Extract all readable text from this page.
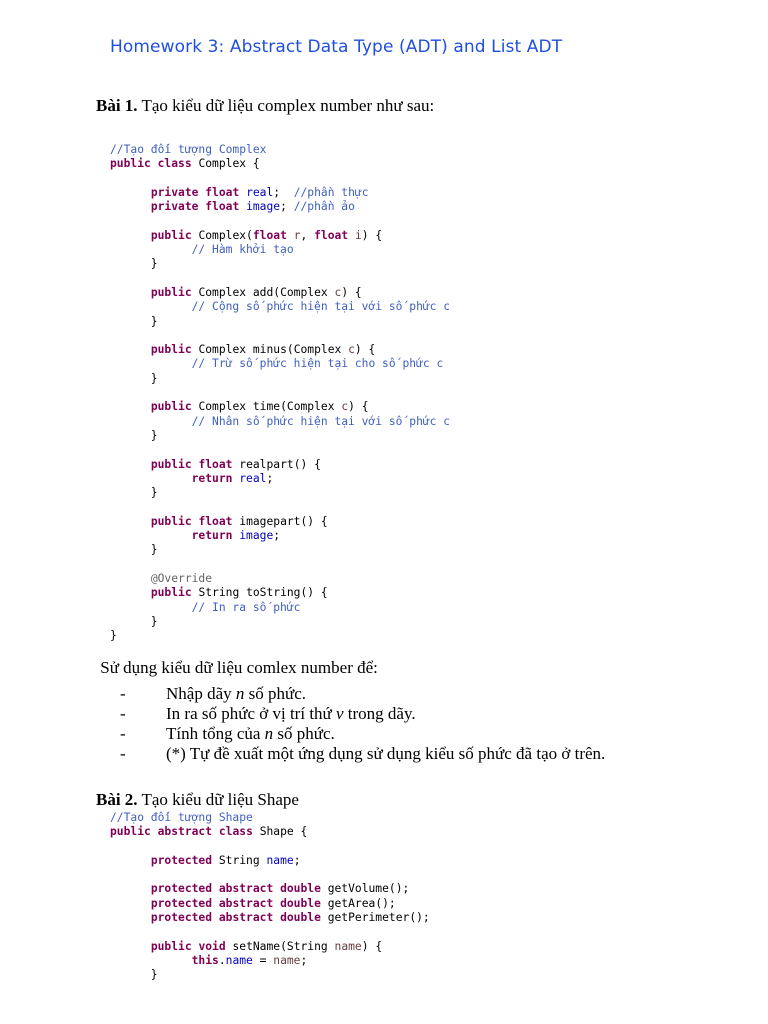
Homework 3: Abstract Data Type (ADT) and List ADT
Bài 1. Tạo kiểu dữ liệu complex number như sau:
//Tạo đối tượng Complex
public class Complex {
private float real;  //phần thực
private float image; //phần ảo
public Complex(float r, float i) {
// Hàm khởi tạo
}
public Complex add(Complex c) {
// Cộng số phức hiện tại với số phức c
}
public Complex minus(Complex c) {
// Trừ số phức hiện tại cho số phức c
}
public Complex time(Complex c) {
// Nhân số phức hiện tại với số phức c
}
public float realpart() {
return real;
}
public float imagepart() {
return image;
}
@Override
public String toString() {
// In ra số phức
}
}
Sử dụng kiểu dữ liệu comlex number để:
- Nhập dãy n số phức.
- In ra số phức ở vị trí thứ v trong dãy.
- Tính tổng của n số phức.
- (*) Tự đề xuất một ứng dụng sử dụng kiểu số phức đã tạo ở trên.
Bài 2. Tạo kiểu dữ liệu Shape
//Tạo đối tượng Shape
public abstract class Shape {
protected String name;
protected abstract double getVolume();
protected abstract double getArea();
protected abstract double getPerimeter();
public void setName(String name) {
this.name = name;
}
